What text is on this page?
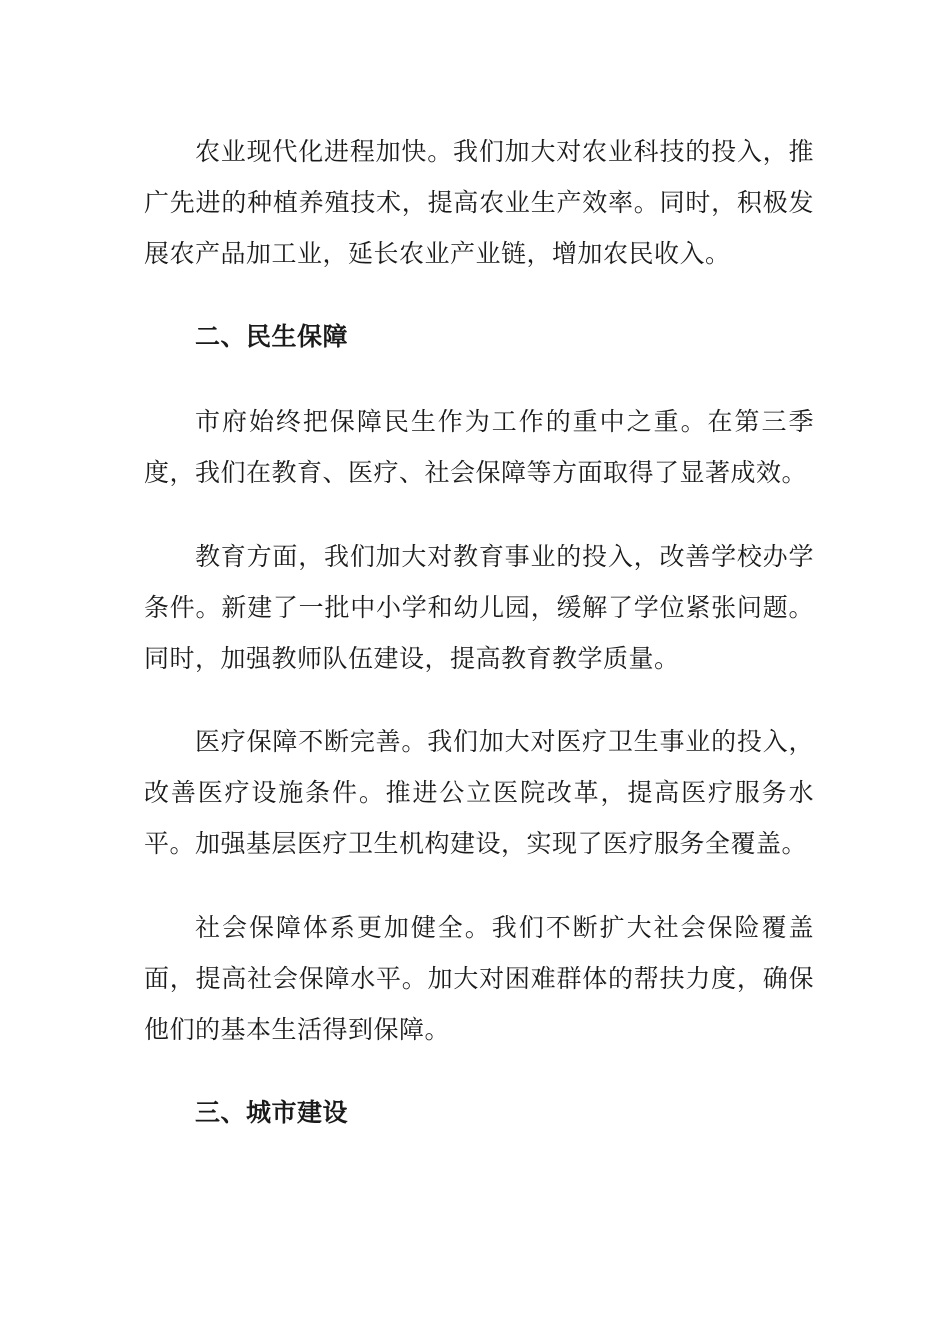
农业现代化进程加快。我们加大对农业科技的投入，推广先进的种植养殖技术，提高农业生产效率。同时，积极发展农产品加工业，延长农业产业链，增加农民收入。

二、民生保障

市府始终把保障民生作为工作的重中之重。在第三季度，我们在教育、医疗、社会保障等方面取得了显著成效。

教育方面，我们加大对教育事业的投入，改善学校办学条件。新建了一批中小学和幼儿园，缓解了学位紧张问题。同时，加强教师队伍建设，提高教育教学质量。

医疗保障不断完善。我们加大对医疗卫生事业的投入，改善医疗设施条件。推进公立医院改革，提高医疗服务水平。加强基层医疗卫生机构建设，实现了医疗服务全覆盖。

社会保障体系更加健全。我们不断扩大社会保险覆盖面，提高社会保障水平。加大对困难群体的帮扶力度，确保他们的基本生活得到保障。

三、城市建设
